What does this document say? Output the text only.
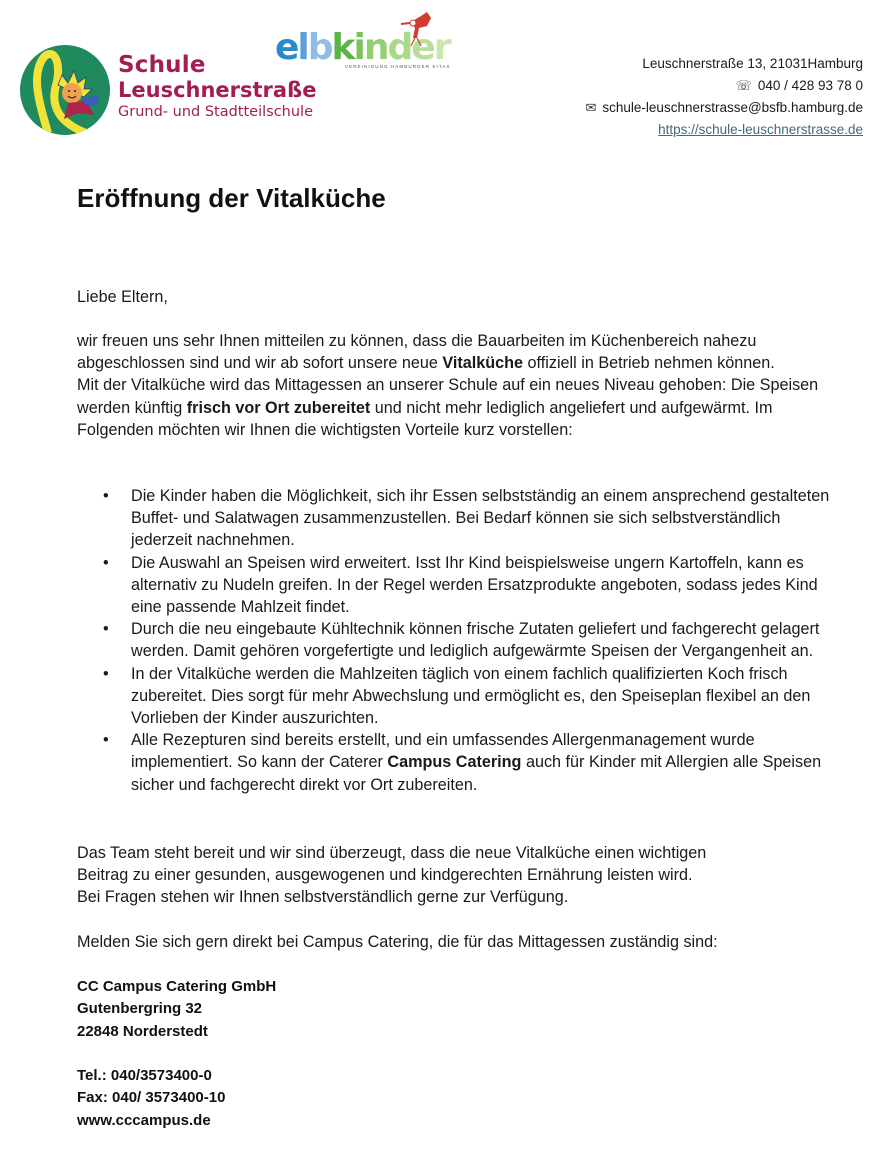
Schule
Leuschnerstraße
Grund- und Stadtteilschule
elbkinder
VEREINIGUNG HAMBURGER KITAS	Leuschnerstraße 13, 21031Hamburg
☏ 040 / 428 93 78 0
✉ schule-leuschnerstrasse@bsfb.hamburg.de
https://schule-leuschnerstrasse.de
Eröffnung der Vitalküche
Liebe Eltern,
wir freuen uns sehr Ihnen mitteilen zu können, dass die Bauarbeiten im Küchenbereich nahezu abgeschlossen sind und wir ab sofort unsere neue Vitalküche offiziell in Betrieb nehmen können.
Mit der Vitalküche wird das Mittagessen an unserer Schule auf ein neues Niveau gehoben: Die Speisen werden künftig frisch vor Ort zubereitet und nicht mehr lediglich angeliefert und aufgewärmt. Im Folgenden möchten wir Ihnen die wichtigsten Vorteile kurz vorstellen:
• Die Kinder haben die Möglichkeit, sich ihr Essen selbstständig an einem ansprechend gestalteten Buffet- und Salatwagen zusammenzustellen. Bei Bedarf können sie sich selbstverständlich jederzeit nachnehmen.
• Die Auswahl an Speisen wird erweitert. Isst Ihr Kind beispielsweise ungern Kartoffeln, kann es alternativ zu Nudeln greifen. In der Regel werden Ersatzprodukte angeboten, sodass jedes Kind eine passende Mahlzeit findet.
• Durch die neu eingebaute Kühltechnik können frische Zutaten geliefert und fachgerecht gelagert werden. Damit gehören vorgefertigte und lediglich aufgewärmte Speisen der Vergangenheit an.
• In der Vitalküche werden die Mahlzeiten täglich von einem fachlich qualifizierten Koch frisch zubereitet. Dies sorgt für mehr Abwechslung und ermöglicht es, den Speiseplan flexibel an den Vorlieben der Kinder auszurichten.
• Alle Rezepturen sind bereits erstellt, und ein umfassendes Allergenmanagement wurde implementiert. So kann der Caterer Campus Catering auch für Kinder mit Allergien alle Speisen sicher und fachgerecht direkt vor Ort zubereiten.
Das Team steht bereit und wir sind überzeugt, dass die neue Vitalküche einen wichtigen
Beitrag zu einer gesunden, ausgewogenen und kindgerechten Ernährung leisten wird.
Bei Fragen stehen wir Ihnen selbstverständlich gerne zur Verfügung.
Melden Sie sich gern direkt bei Campus Catering, die für das Mittagessen zuständig sind:
CC Campus Catering GmbH
Gutenbergring 32
22848 Norderstedt
Tel.: 040/3573400-0
Fax: 040/ 3573400-10
www.cccampus.de
